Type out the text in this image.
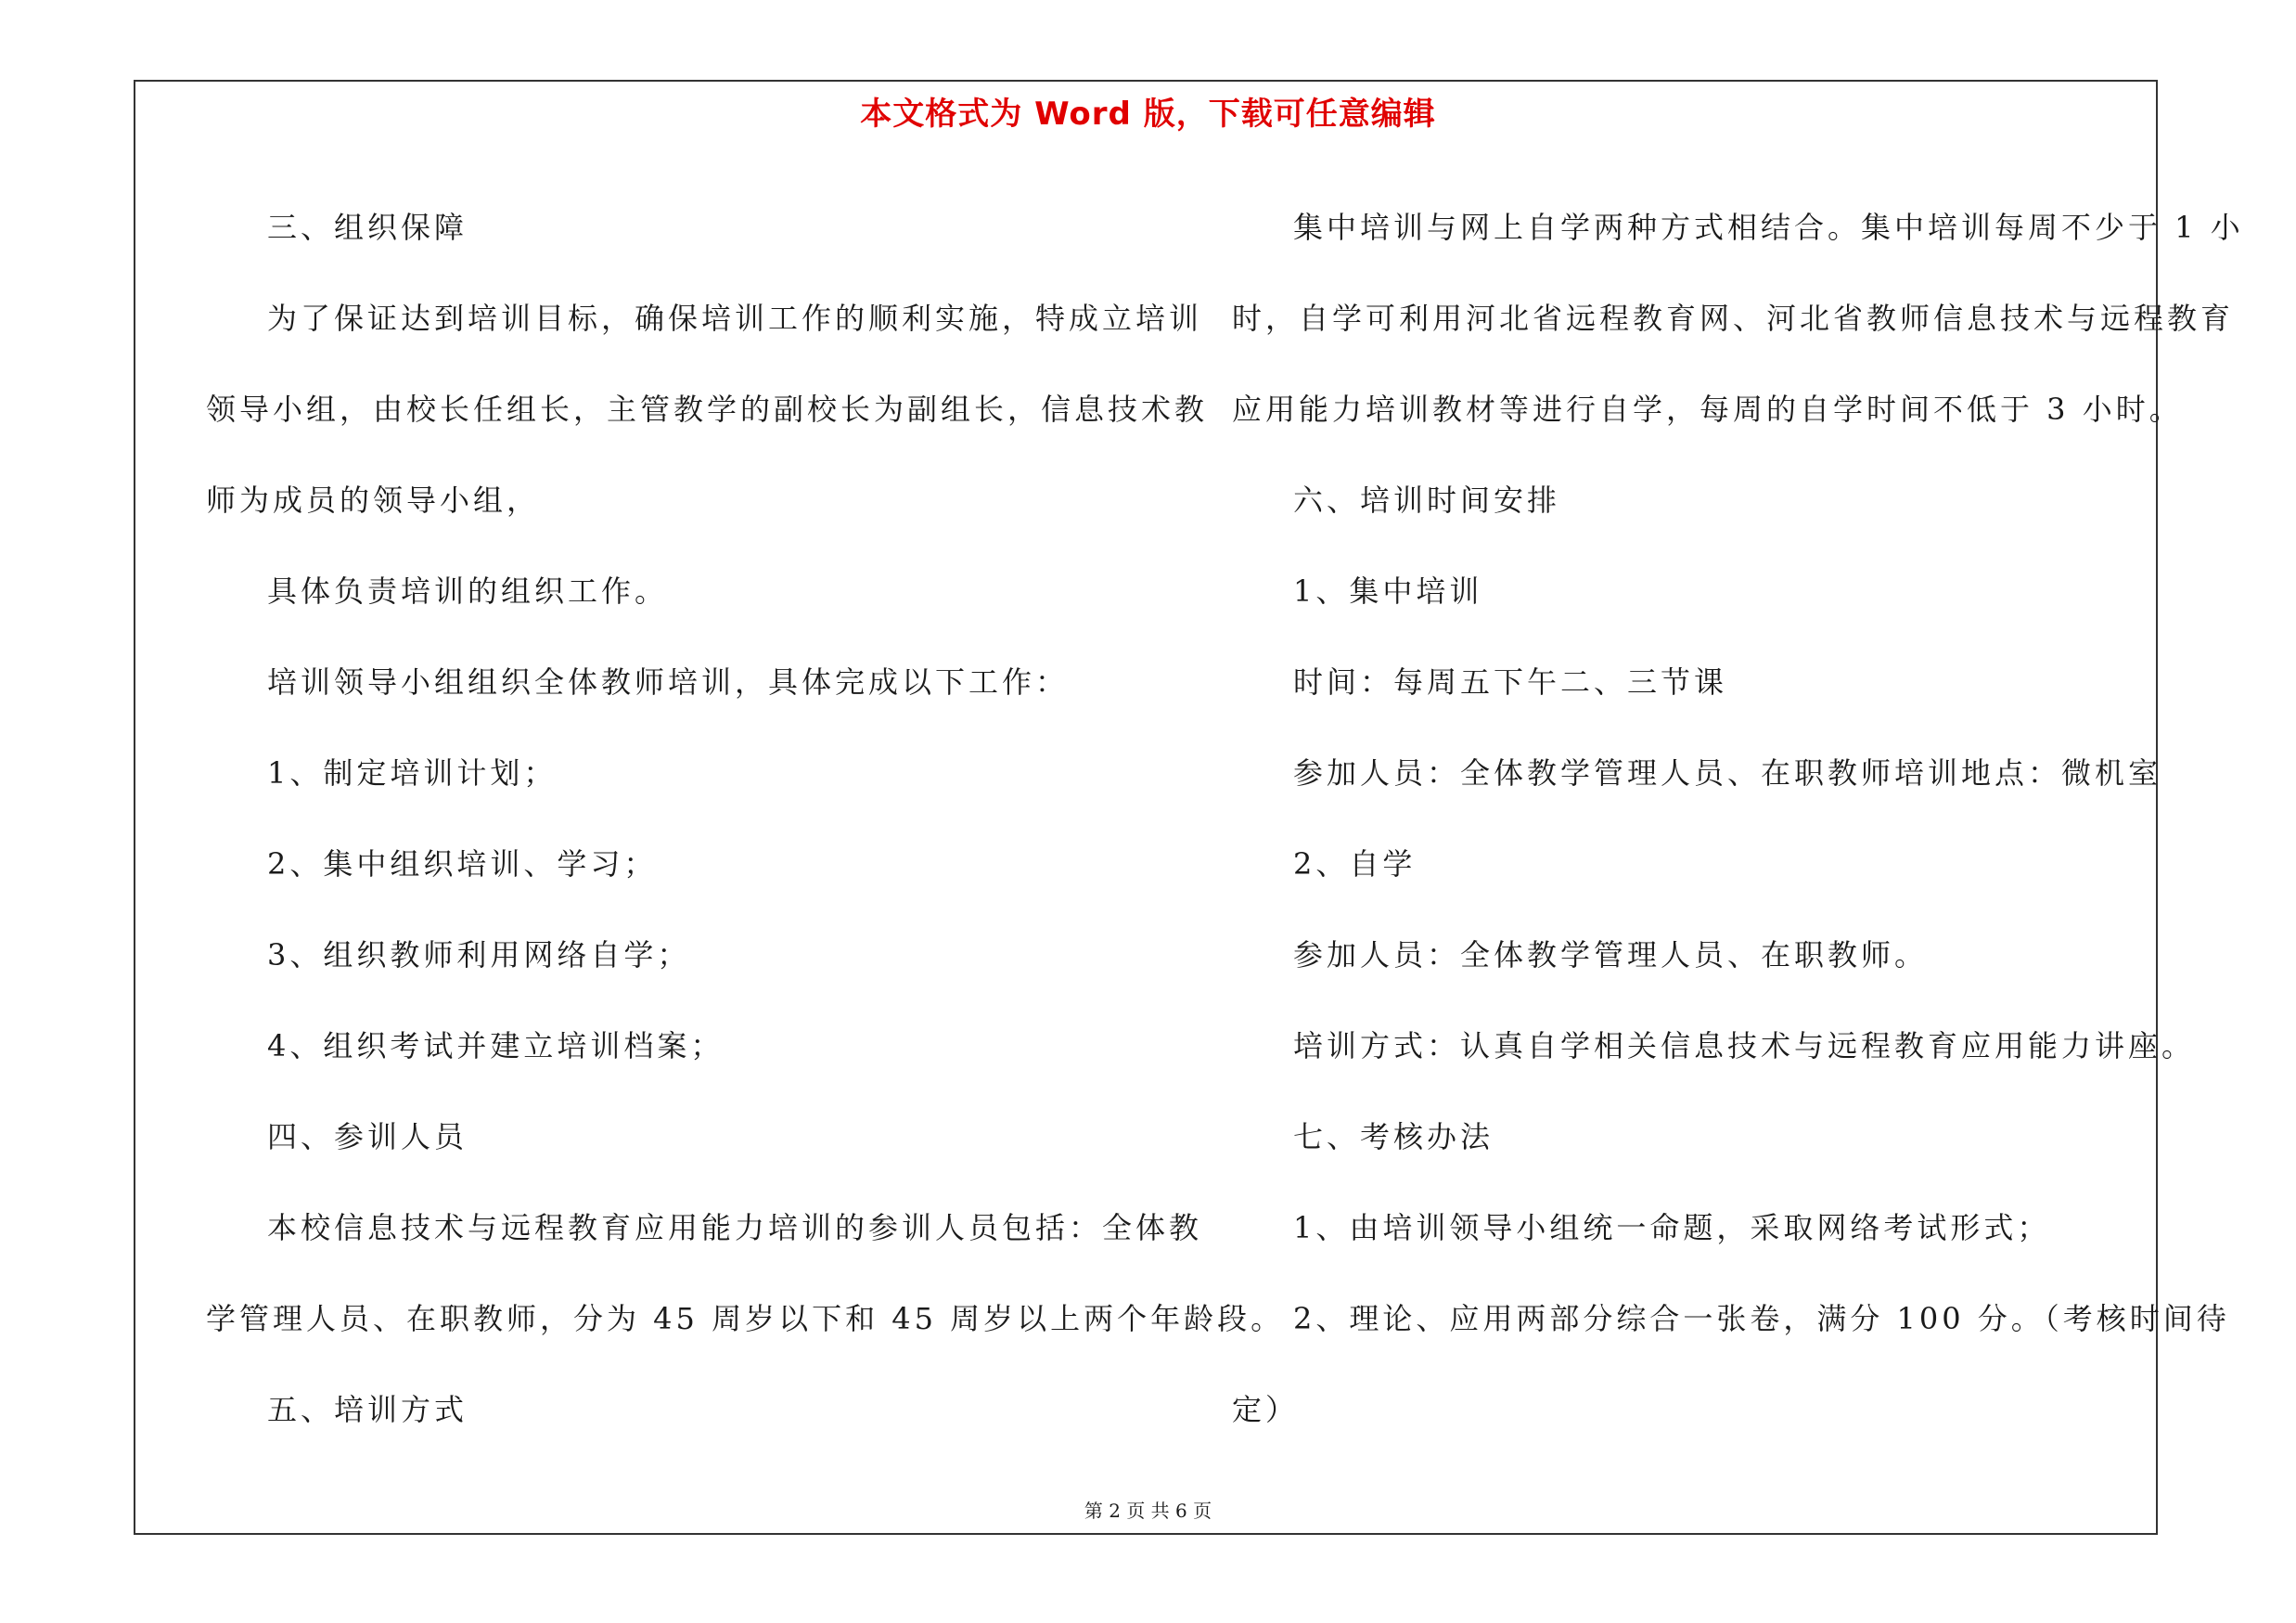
本文格式为 Word 版，下载可任意编辑

三、组织保障

为了保证达到培训目标，确保培训工作的顺利实施，特成立培训

领导小组，由校长任组长，主管教学的副校长为副组长，信息技术教

师为成员的领导小组，

具体负责培训的组织工作。

培训领导小组组织全体教师培训，具体完成以下工作：

1、制定培训计划；

2、集中组织培训、学习；

3、组织教师利用网络自学；

4、组织考试并建立培训档案；

四、参训人员

本校信息技术与远程教育应用能力培训的参训人员包括：全体教

学管理人员、在职教师，分为 45 周岁以下和 45 周岁以上两个年龄段。

五、培训方式

集中培训与网上自学两种方式相结合。集中培训每周不少于 1 小

时，自学可利用河北省远程教育网、河北省教师信息技术与远程教育

应用能力培训教材等进行自学，每周的自学时间不低于 3 小时。

六、培训时间安排

1、集中培训

时间：每周五下午二、三节课

参加人员：全体教学管理人员、在职教师培训地点：微机室

2、自学

参加人员：全体教学管理人员、在职教师。

培训方式：认真自学相关信息技术与远程教育应用能力讲座。

七、考核办法

1、由培训领导小组统一命题，采取网络考试形式；

2、理论、应用两部分综合一张卷，满分 100 分。（考核时间待

定）

第 2 页 共 6 页
